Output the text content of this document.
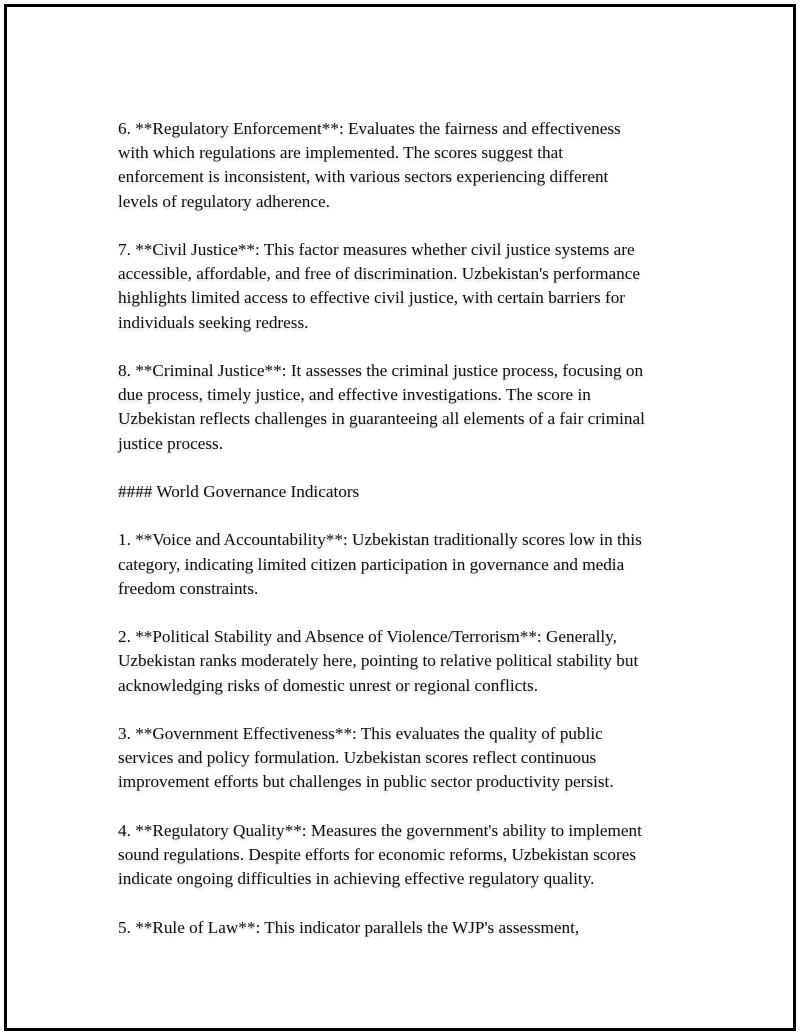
6. **Regulatory Enforcement**: Evaluates the fairness and effectiveness
with which regulations are implemented. The scores suggest that
enforcement is inconsistent, with various sectors experiencing different
levels of regulatory adherence.

7. **Civil Justice**: This factor measures whether civil justice systems are
accessible, affordable, and free of discrimination. Uzbekistan's performance
highlights limited access to effective civil justice, with certain barriers for
individuals seeking redress.

8. **Criminal Justice**: It assesses the criminal justice process, focusing on
due process, timely justice, and effective investigations. The score in
Uzbekistan reflects challenges in guaranteeing all elements of a fair criminal
justice process.

#### World Governance Indicators

1. **Voice and Accountability**: Uzbekistan traditionally scores low in this
category, indicating limited citizen participation in governance and media
freedom constraints.

2. **Political Stability and Absence of Violence/Terrorism**: Generally,
Uzbekistan ranks moderately here, pointing to relative political stability but
acknowledging risks of domestic unrest or regional conflicts.

3. **Government Effectiveness**: This evaluates the quality of public
services and policy formulation. Uzbekistan scores reflect continuous
improvement efforts but challenges in public sector productivity persist.

4. **Regulatory Quality**: Measures the government's ability to implement
sound regulations. Despite efforts for economic reforms, Uzbekistan scores
indicate ongoing difficulties in achieving effective regulatory quality.

5. **Rule of Law**: This indicator parallels the WJP's assessment,
